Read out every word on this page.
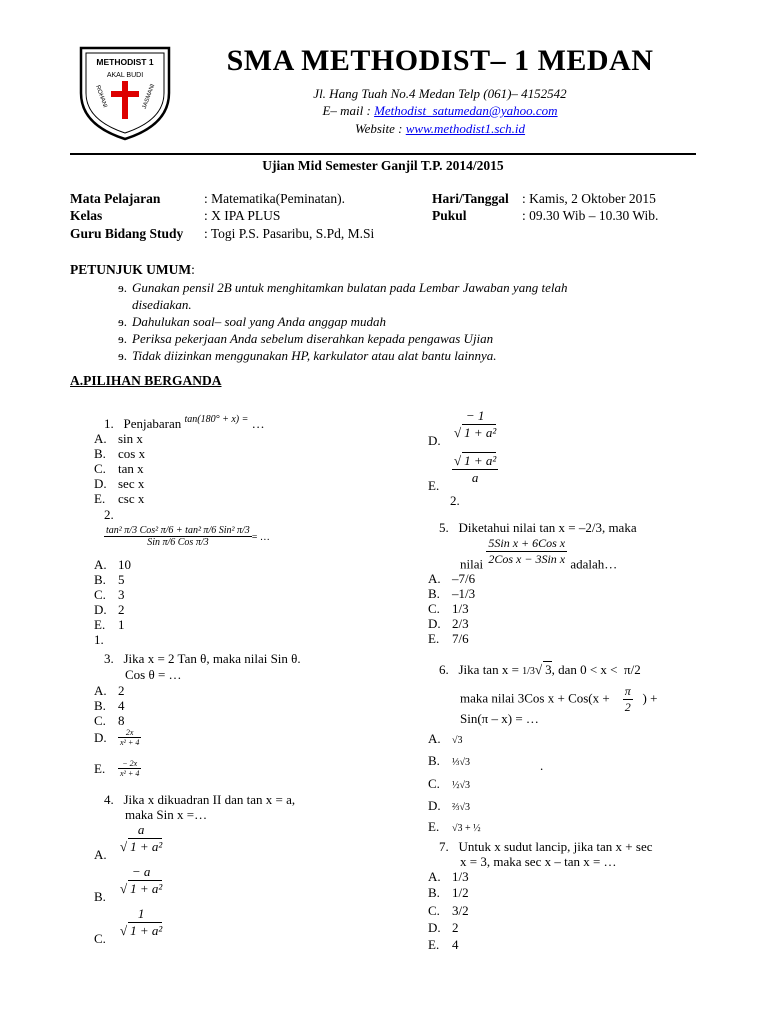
METHODIST 1
AKAL BUDI
ROHANI	JASMANI
SMA METHODIST– 1 MEDAN
Jl. Hang Tuah No.4 Medan Telp (061)– 4152542
E– mail : Methodist_satumedan@yahoo.com
Website : www.methodist1.sch.id
Ujian Mid Semester Ganjil T.P. 2014/2015
Mata Pelajaran	: Matematika(Peminatan).
Kelas	: X IPA PLUS
Guru Bidang Study : Togi P.S. Pasaribu, S.Pd, M.Si
Hari/Tanggal : Kamis, 2 Oktober 2015
Pukul	: 09.30 Wib – 10.30 Wib.
PETUNJUK UMUM:
ɘ. Gunakan pensil 2B untuk menghitamkan bulatan pada Lembar Jawaban yang telah
disediakan.
ɘ. Dahulukan soal– soal yang Anda anggap mudah
ɘ. Periksa pekerjaan Anda sebelum diserahkan kepada pengawas Ujian
ɘ. Tidak diizinkan menggunakan HP, karkulator atau alat bantu lainnya.
A.PILIHAN BERGANDA
1. Penjabaran $^{tan(180^\circ + x) =}$ …
A. sin x
B. cos x
C. tan x
D. sec x
E. csc x
2.
$\frac{\text{tan² π/3 Cos² π/6 + tan² π/6 Sin² π/3}}{\text{Sin π/6 Cos π/3}}$ = …
A. 10
B. 5
C. 3
D. 2
E. 1
1.
3. Jika x = 2 Tan θ, maka nilai Sin θ.
Cos θ = …
A. 2
B. 4
C. 8
D. $\frac{2x}{\text{x² + 4}}$
E. $\frac{- 2x}{\text{x² + 4}}$
4. Jika x dikuadran II dan tan x = a,
maka Sin x =…
A.
a
√ 1 + a²
B.
− a
√ 1 + a²
C.
1
√ 1 + a²
D.
− 1
√ 1 + a²
E. $\frac{\text{√ 1 + a²}}{a}$
2.
5. Diketahui nilai tan x = –2/3, maka
nilai $\frac{\text{5Sin x + 6Cos x}}{\text{2Cos x − 3Sin x}}$ adalah…
A. –7/6
B. –1/3
C. 1/3
D. 2/3
E. 7/6
6. Jika tan x = 1/3√ 3, dan 0 < x < π/2
maka nilai 3Cos $x + Cos(x + \frac{\pi}{2}$ ) +
Sin(π – x) = …
A. √3
B. ⅓√3	.
C. ½√3
D. ⅔√3
E. √3 + ½
7. Untuk x sudut lancip, jika tan x + sec
x = 3, maka sec x – tan x = …
A. 1/3
B. 1/2
C. 3/2
D. 2
E. 4
